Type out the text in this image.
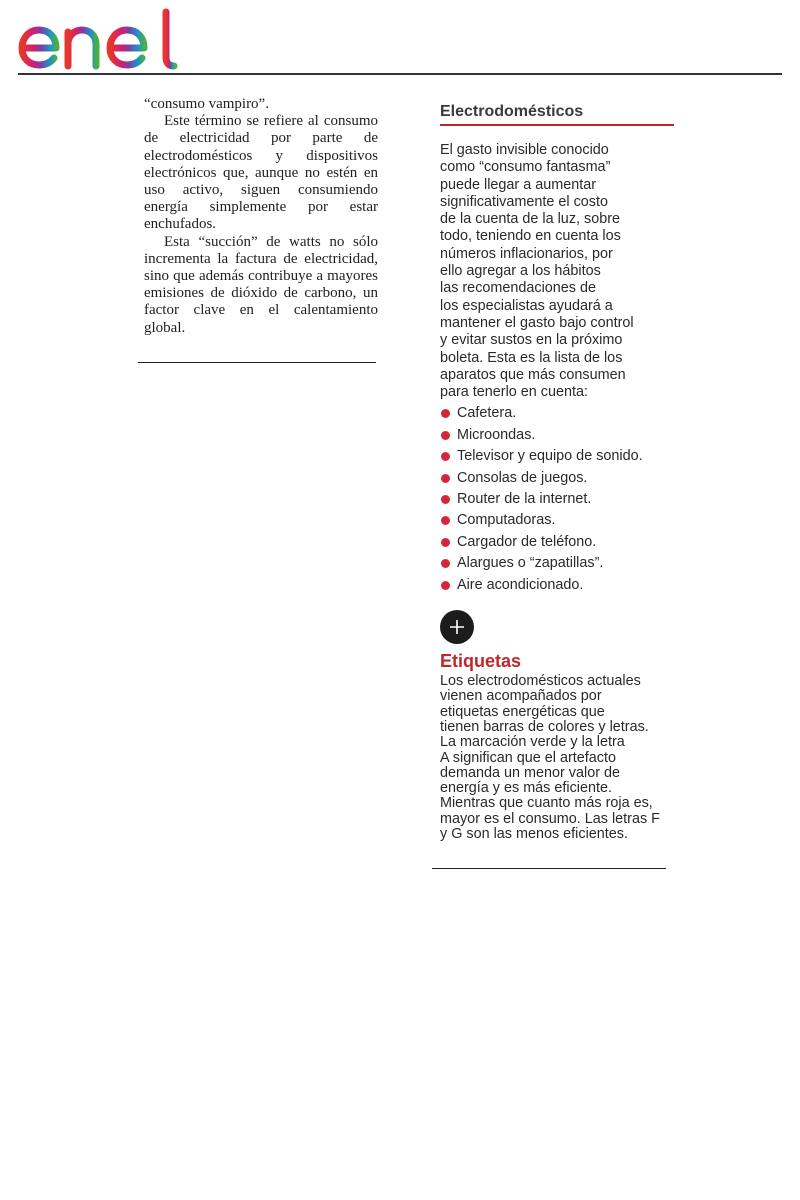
“consumo vampiro”.

Este término se refiere al consumo de electricidad por parte de electrodomésticos y dispositivos electrónicos que, aunque no estén en uso activo, siguen consumiendo energía simplemente por estar enchufados.

Esta “succión” de watts no sólo incrementa la factura de electricidad, sino que además contribuye a mayores emisiones de dióxido de carbono, un factor clave en el calentamiento global.

Electrodomésticos

El gasto invisible conocido
como “consumo fantasma”
puede llegar a aumentar
significativamente el costo
de la cuenta de la luz, sobre
todo, teniendo en cuenta los
números inflacionarios, por
ello agregar a los hábitos
las recomendaciones de
los especialistas ayudará a
mantener el gasto bajo control
y evitar sustos en la próximo
boleta. Esta es la lista de los
aparatos que más consumen
para tenerlo en cuenta:

Cafetera.
Microondas.
Televisor y equipo de sonido.
Consolas de juegos.
Router de la internet.
Computadoras.
Cargador de teléfono.
Alargues o “zapatillas”.
Aire acondicionado.
Etiquetas

Los electrodomésticos actuales
vienen acompañados por
etiquetas energéticas que
tienen barras de colores y letras.
La marcación verde y la letra
A significan que el artefacto
demanda un menor valor de
energía y es más eficiente.
Mientras que cuanto más roja es,
mayor es el consumo. Las letras F
y G son las menos eficientes.
